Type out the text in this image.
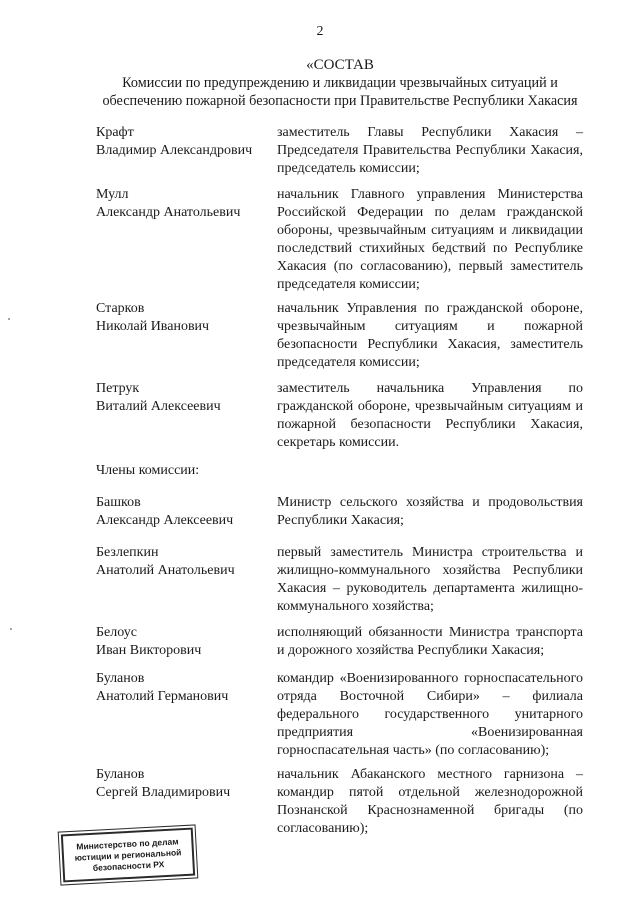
2
«СОСТАВ
Комиссии по предупреждению и ликвидации чрезвычайных ситуаций и
обеспечению пожарной безопасности при Правительстве Республики Хакасия
Крафт
Владимир Александрович
заместитель Главы Республики Хакасия – Председателя Правительства Республики Хакасия, председатель комиссии;
Мулл
Александр Анатольевич
начальник Главного управления Министерства Российской Федерации по делам гражданской обороны, чрезвычайным ситуациям и ликвидации последствий стихийных бедствий по Республике Хакасия (по согласованию), первый заместитель председателя комиссии;
Старков
Николай Иванович
начальник Управления по гражданской обороне, чрезвычайным ситуациям и пожарной безопасности Республики Хакасия, заместитель председателя комиссии;
Петрук
Виталий Алексеевич
заместитель начальника Управления по гражданской обороне, чрезвычайным ситуациям и пожарной безопасности Республики Хакасия, секретарь комиссии.
Члены комиссии:
Башков
Александр Алексеевич
Министр сельского хозяйства и продовольствия Республики Хакасия;
Безлепкин
Анатолий Анатольевич
первый заместитель Министра строительства и жилищно-коммунального хозяйства Республики Хакасия – руководитель департамента жилищно-коммунального хозяйства;
Белоус
Иван Викторович
исполняющий обязанности Министра транспорта и дорожного хозяйства Республики Хакасия;
Буланов
Анатолий Германович
командир «Военизированного горноспасательного отряда Восточной Сибири» – филиала федерального государственного унитарного предприятия «Военизированная горноспасательная часть» (по согласованию);
Буланов
Сергей Владимирович
начальник Абаканского местного гарнизона – командир пятой отдельной железнодорожной Познанской Краснознаменной бригады (по согласованию);
Министерство по делам
юстиции и региональной
безопасности РХ
